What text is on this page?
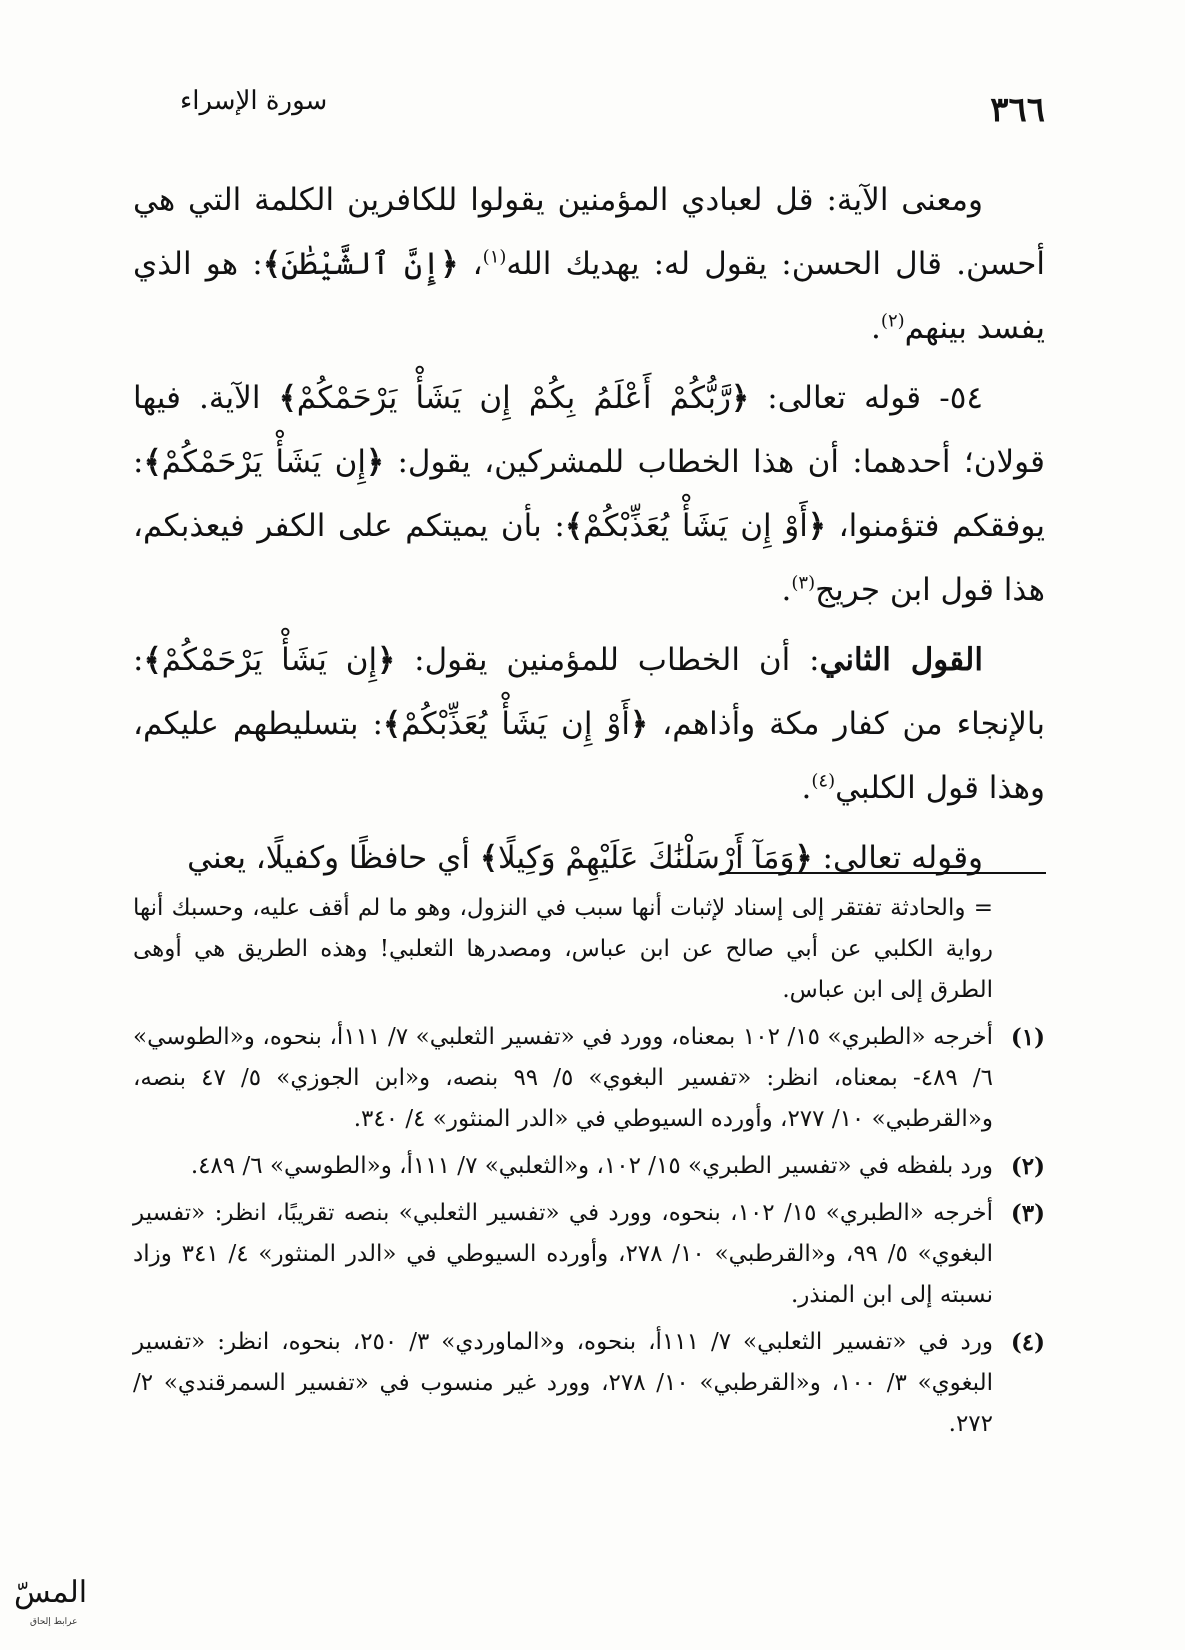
٣٦٦
سورة الإسراء

ومعنى الآية: قل لعبادي المؤمنين يقولوا للكافرين الكلمة التي هي أحسن. قال الحسن: يقول له: يهديك الله$^{(١)}$، ﴿إِنَّ ٱلشَّيْطَٰنَ﴾: هو الذي يفسد بينهم$^{(٢)}$.

٥٤- قوله تعالى: ﴿رَّبُّكُمْ أَعْلَمُ بِكُمْ إِن يَشَأْ يَرْحَمْكُمْ﴾ الآية. فيها قولان؛ أحدهما: أن هذا الخطاب للمشركين، يقول: ﴿إِن يَشَأْ يَرْحَمْكُمْ﴾: يوفقكم فتؤمنوا، ﴿أَوْ إِن يَشَأْ يُعَذِّبْكُمْ﴾: بأن يميتكم على الكفر فيعذبكم، هذا قول ابن جريج$^{(٣)}$.

القول الثاني: أن الخطاب للمؤمنين يقول: ﴿إِن يَشَأْ يَرْحَمْكُمْ﴾: بالإنجاء من كفار مكة وأذاهم، ﴿أَوْ إِن يَشَأْ يُعَذِّبْكُمْ﴾: بتسليطهم عليكم، وهذا قول الكلبي$^{(٤)}$.

وقوله تعالى: ﴿وَمَآ أَرْسَلْنَٰكَ عَلَيْهِمْ وَكِيلًا﴾ أي حافظًا وكفيلًا، يعني

= والحادثة تفتقر إلى إسناد لإثبات أنها سبب في النزول، وهو ما لم أقف عليه، وحسبك أنها رواية الكلبي عن أبي صالح عن ابن عباس، ومصدرها الثعلبي! وهذه الطريق هي أوهى الطرق إلى ابن عباس.

(١)
أخرجه «الطبري» ١٥/ ١٠٢ بمعناه، وورد في «تفسير الثعلبي» ٧/ ١١١أ، بنحوه، و«الطوسي» ٦/ ٤٨٩- بمعناه، انظر: «تفسير البغوي» ٥/ ٩٩ بنصه، و«ابن الجوزي» ٥/ ٤٧ بنصه، و«القرطبي» ١٠/ ٢٧٧، وأورده السيوطي في «الدر المنثور» ٤/ ٣٤٠.
(٢)
ورد بلفظه في «تفسير الطبري» ١٥/ ١٠٢، و«الثعلبي» ٧/ ١١١أ، و«الطوسي» ٦/ ٤٨٩.
(٣)
أخرجه «الطبري» ١٥/ ١٠٢، بنحوه، وورد في «تفسير الثعلبي» بنصه تقريبًا، انظر: «تفسير البغوي» ٥/ ٩٩، و«القرطبي» ١٠/ ٢٧٨، وأورده السيوطي في «الدر المنثور» ٤/ ٣٤١ وزاد نسبته إلى ابن المنذر.
(٤)
ورد في «تفسير الثعلبي» ٧/ ١١١أ، بنحوه، و«الماوردي» ٣/ ٢٥٠، بنحوه، انظر: «تفسير البغوي» ٣/ ١٠٠، و«القرطبي» ١٠/ ٢٧٨، وورد غير منسوب في «تفسير السمرقندي» ٢/ ٢٧٢.
المسّ
عرابط إلحاق
